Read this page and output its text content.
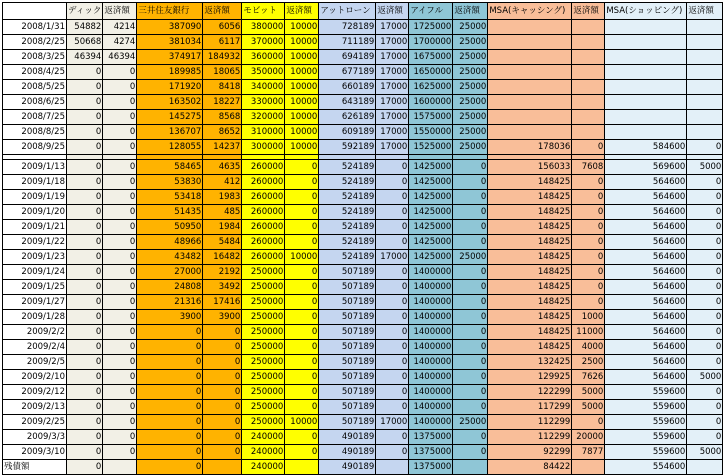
	ディック	返済額	三井住友銀行	返済額	モビット	返済額	アットローン	返済額	アイフル	返済額	MSA(キャッシング)	返済額	MSA(ショッピング)	返済額
2008/1/31	54882	4214	387090	6056	380000	10000	728189	17000	1725000	25000				
2008/2/25	50668	4274	381034	6117	370000	10000	711189	17000	1700000	25000				
2008/3/25	46394	46394	374917	184932	360000	10000	694189	17000	1675000	25000				
2008/4/25	0	0	189985	18065	350000	10000	677189	17000	1650000	25000				
2008/5/25	0	0	171920	8418	340000	10000	660189	17000	1625000	25000				
2008/6/25	0	0	163502	18227	330000	10000	643189	17000	1600000	25000				
2008/7/25	0	0	145275	8568	320000	10000	626189	17000	1575000	25000				
2008/8/25	0	0	136707	8652	310000	10000	609189	17000	1550000	25000				
2008/9/25	0	0	128055	14237	300000	10000	592189	17000	1525000	25000	178036	0	584600	0

2009/1/13	0	0	58465	4635	260000	0	524189	0	1425000	0	156033	7608	569600	5000
2009/1/18	0	0	53830	412	260000	0	524189	0	1425000	0	148425	0	564600	0
2009/1/19	0	0	53418	1983	260000	0	524189	0	1425000	0	148425	0	564600	0
2009/1/20	0	0	51435	485	260000	0	524189	0	1425000	0	148425	0	564600	0
2009/1/21	0	0	50950	1984	260000	0	524189	0	1425000	0	148425	0	564600	0
2009/1/22	0	0	48966	5484	260000	0	524189	0	1425000	0	148425	0	564600	0
2009/1/23	0	0	43482	16482	260000	10000	524189	17000	1425000	25000	148425	0	564600	0
2009/1/24	0	0	27000	2192	250000	0	507189	0	1400000	0	148425	0	564600	0
2009/1/25	0	0	24808	3492	250000	0	507189	0	1400000	0	148425	0	564600	0
2009/1/27	0	0	21316	17416	250000	0	507189	0	1400000	0	148425	0	564600	0
2009/1/28	0	0	3900	3900	250000	0	507189	0	1400000	0	148425	1000	564600	0
2009/2/2	0	0	0	0	250000	0	507189	0	1400000	0	148425	11000	564600	0
2009/2/4	0	0	0	0	250000	0	507189	0	1400000	0	148425	4000	564600	0
2009/2/5	0	0	0	0	250000	0	507189	0	1400000	0	132425	2500	564600	0
2009/2/10	0	0	0	0	250000	0	507189	0	1400000	0	129925	7626	564600	5000
2009/2/12	0	0	0	0	250000	0	507189	0	1400000	0	122299	5000	559600	0
2009/2/13	0	0	0	0	250000	0	507189	0	1400000	0	117299	5000	559600	0
2009/2/25	0	0	0	0	250000	10000	507189	17000	1400000	25000	112299	0	559600	0
2009/3/3	0	0	0	0	240000	0	490189	0	1375000	0	112299	20000	559600	0
2009/3/10	0	0	0	0	240000	0	490189	0	1375000	0	92299	7877	559600	5000
残債額	0		0		240000		490189		1375000		84422		554600	
